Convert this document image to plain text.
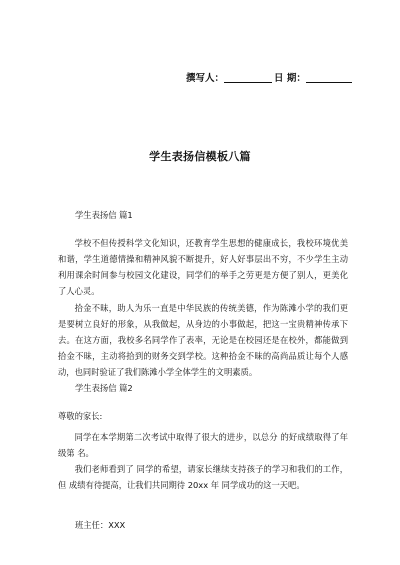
撰写人：	日 期：
学生表扬信模板八篇
学生表扬信 篇1
学校不但传授科学文化知识，还教育学生思想的健康成长，我校环境优美和谐，学生道德情操和精神风貌不断提升，好人好事层出不穷，不少学生主动利用课余时间参与校园文化建设，同学们的举手之劳更是方便了别人，更美化了人心灵。
拾金不昧，助人为乐一直是中华民族的传统美德，作为陈滩小学的我们更是要树立良好的形象，从我做起，从身边的小事做起，把这一宝贵精神传承下去。在这方面，我校多名同学作了表率，无论是在校园还是在校外，都能做到拾金不昧，主动将拾到的财务交到学校。这种拾金不昧的高尚品质让每个人感动，也同时验证了我们陈滩小学全体学生的文明素质。
学生表扬信 篇2
尊敬的家长:
同学在本学期第二次考试中取得了很大的进步，以总分 的好成绩取得了年级第 名。
我们老师看到了 同学的希望，请家长继续支持孩子的学习和我们的工作，但 成绩有待提高，让我们共同期待 20xx 年 同学成功的这一天吧。
班主任：XXX
